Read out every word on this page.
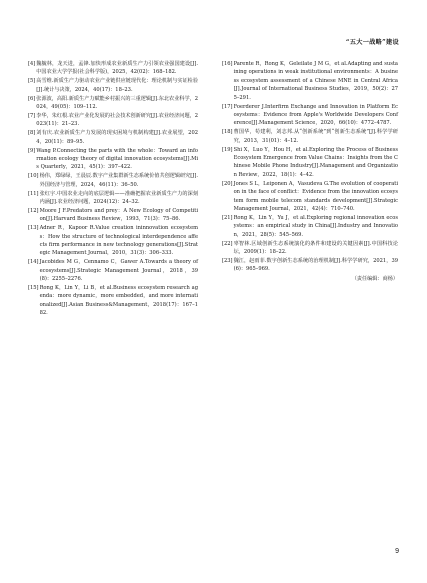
“五大一战略”建设
[4] 魏毓林，龙天进，孟锋.加快形成农业新质生产力引领农业强国建设[J].中国农业大学学报(社会科学版)，2025，42(02)：168–182.
[5] 高雪维.新质生产力驱动农业产业链供应链现代化：理论机制与实证检验[J].统计与决策，2024，40(17)：18–23.
[6] 张源波，高阳.新质生产力赋能乡村振兴的三重逻辑[J].东北农业科学，2024，49(05)：109–112.
[7] 李华，朱红根.农业产业化发展的社会技术创新研究[J].农业经济问题，2023(11)：21–23.
[8] 刘有庆.农业新质生产力发展的现实困境与机制构建[J].农业展望，2024，20(11)：89–95.
[9] Wang P.Connecting the parts with the whole：Toward an information ecology theory of digital innovation ecosystems[J].Mis Quarterly，2021，45(1)：397–422.
[10] 杨伟，郑绿绿，王晨辰.数字产业集群新生态系统价值共创逻辑研究[J].外国经济与管理，2024，46(11)：36–50.
[11] 张红宇.中国农业走向的底层逻辑——准确把握农业新质生产力的深刻内涵[J].农业经济问题，2024(12)：24–32.
[12] Moore J F.Predators and prey：A New Ecology of Competition[J].Harvard Business Review，1993，71(3)：75–86.
[13] Adner R，Kapoor R.Value creation ininnovation ecosystems：How the structure of technological interdependence affects firm performance in new technology generations[J].Strategic Management Journal，2010，31(3)：306–333.
[14] Jacobides M G，Cennamo C，Gawer A.Towards a theory of ecosystems[J].Strategic Management Journal，2018，39(8)：2255–2276.
[15] Rong K，Lin Y，Li B，et al.Business ecosystem research agenda：more dynamic，more embedded，and more internationalized[J].Asian Business&Management，2018(17)：167–182.
[16] Parente R，Rong K，Geleilate J M G，et al.Adapting and sustaining operations in weak institutional environments：A business ecosystem assessment of a Chinese MNE in Central Africa[J].Journal of International Business Studies，2019，50(2)：275–291.
[17] Foerderer J.Interfirm Exchange and Innovation in Platform Ecosystems：Evidence from Apple's Worldwide Developers Conference[J].Management Science，2020，66(10)：4772–4787.
[18] 曹国华，苟建利，刘志邦.从“创新系统”到“创新生态系统”[J].科学学研究，2013，31(01)：4–12.
[19] Shi X，Luo Y，Hou H，et al.Exploring the Process of Business Ecosystem Emergence from Value Chains：Insights from the Chinese Mobile Phone Industry[J].Management and Organization Review，2022，18(1)：4–42.
[20] Jones S L，Leiponen A，Vasudeva G.The evolution of cooperation in the face of conflict：Evidence from the innovation ecosystem form mobile telecom standards development[J].Strategic Management Journal，2021，42(4)：710–740.
[21] Rong K，Lin Y，Yu J，et al.Exploring regional innovation ecosystems：an empirical study in China[J].Industry and Innovation，2021，28(5)：545–569.
[22] 辜智林.区域创新生态系统演化的条件和建设的关键因素[J].中国科技论坛，2009(1)：18–22.
[23] 魏江，赵雨菲.数字创新生态系统的治理机制[J].科学学研究，2021，39(6)：965–969.
（责任编辑：商杨）
9
